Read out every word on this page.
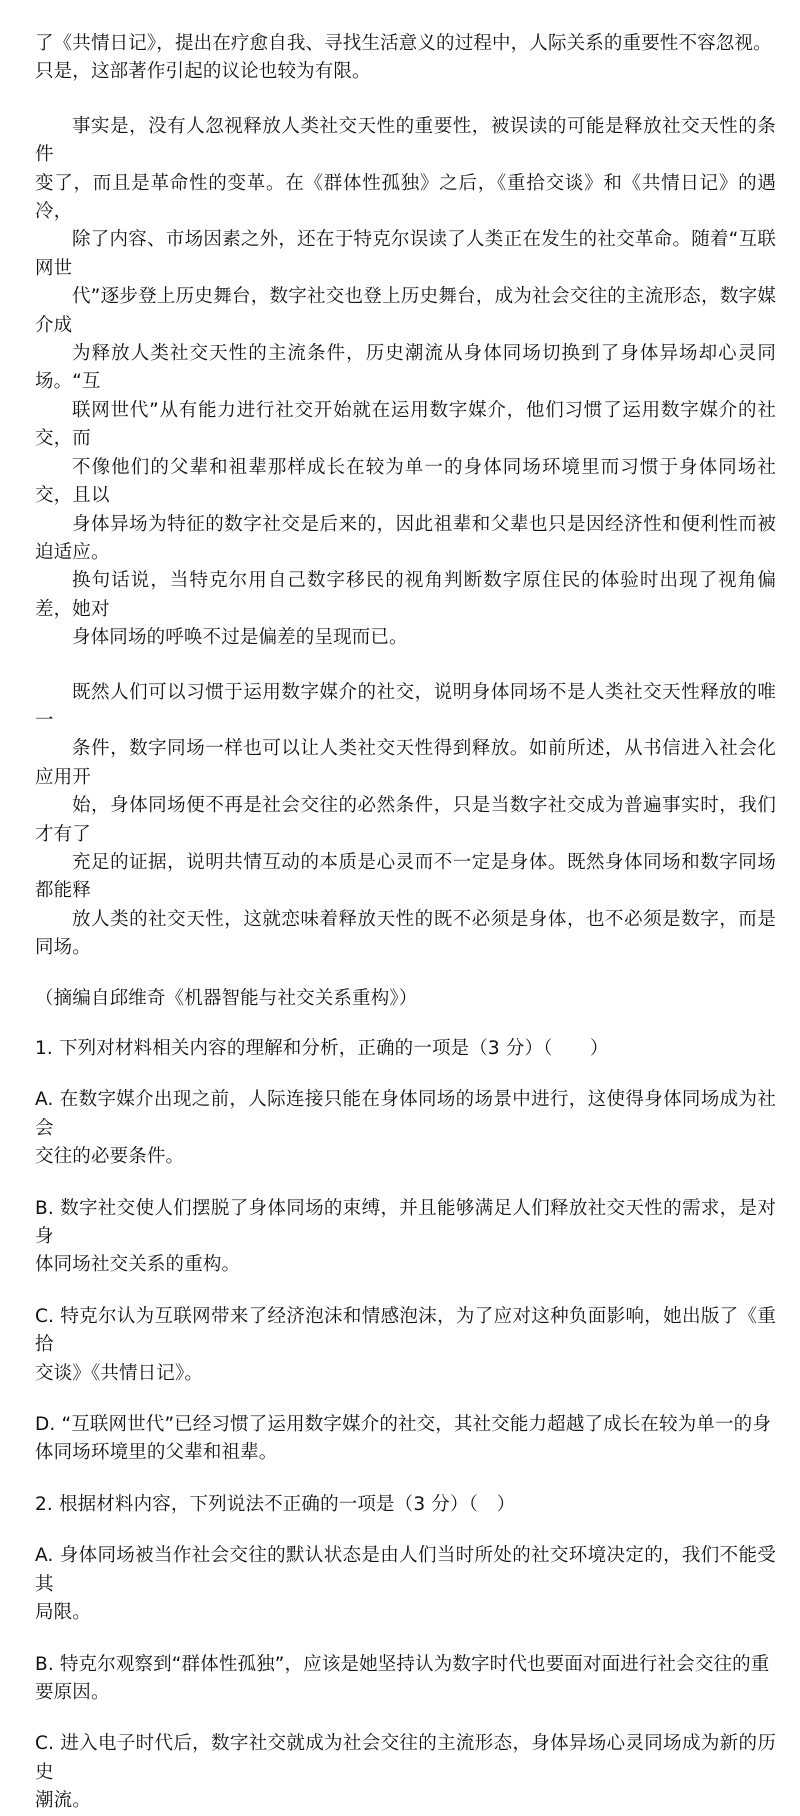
了《共情日记》，提出在疗愈自我、寻找生活意义的过程中，人际关系的重要性不容忽视。
只是，这部著作引起的议论也较为有限。

事实是，没有人忽视释放人类社交天性的重要性，被误读的可能是释放社交天性的条件
变了，而且是革命性的变革。在《群体性孤独》之后，《重拾交谈》和《共情日记》的遇冷，
除了内容、市场因素之外，还在于特克尔误读了人类正在发生的社交革命。随着“互联网世
代”逐步登上历史舞台，数字社交也登上历史舞台，成为社会交往的主流形态，数字媒介成
为释放人类社交天性的主流条件，历史潮流从身体同场切换到了身体异场却心灵同场。“互
联网世代”从有能力进行社交开始就在运用数字媒介，他们习惯了运用数字媒介的社交，而
不像他们的父辈和祖辈那样成长在较为单一的身体同场环境里而习惯于身体同场社交，且以
身体异场为特征的数字社交是后来的，因此祖辈和父辈也只是因经济性和便利性而被迫适应。
换句话说，当特克尔用自己数字移民的视角判断数字原住民的体验时出现了视角偏差，她对
身体同场的呼唤不过是偏差的呈现而已。

既然人们可以习惯于运用数字媒介的社交，说明身体同场不是人类社交天性释放的唯一
条件，数字同场一样也可以让人类社交天性得到释放。如前所述，从书信进入社会化应用开
始，身体同场便不再是社会交往的必然条件，只是当数字社交成为普遍事实时，我们才有了
充足的证据，说明共情互动的本质是心灵而不一定是身体。既然身体同场和数字同场都能释
放人类的社交天性，这就恋味着释放天性的既不必须是身体，也不必须是数字，而是同场。

（摘编自邱维奇《机器智能与社交关系重构》）

1. 下列对材料相关内容的理解和分析，正确的一项是（3 分）（　　）

A. 在数字媒介出现之前，人际连接只能在身体同场的场景中进行，这使得身体同场成为社会
交往的必要条件。

B. 数字社交使人们摆脱了身体同场的束缚，并且能够满足人们释放社交天性的需求，是对身
体同场社交关系的重构。

C. 特克尔认为互联网带来了经济泡沫和情感泡沫，为了应对这种负面影响，她出版了《重拾
交谈》《共情日记》。

D. “互联网世代”已经习惯了运用数字媒介的社交，其社交能力超越了成长在较为单一的身
体同场环境里的父辈和祖辈。

2. 根据材料内容，下列说法不正确的一项是（3 分）（　）

A. 身体同场被当作社会交往的默认状态是由人们当时所处的社交环境决定的，我们不能受其
局限。

B. 特克尔观察到“群体性孤独”，应该是她坚持认为数字时代也要面对面进行社会交往的重
要原因。

C. 进入电子时代后，数字社交就成为社会交往的主流形态，身体异场心灵同场成为新的历史
潮流。
